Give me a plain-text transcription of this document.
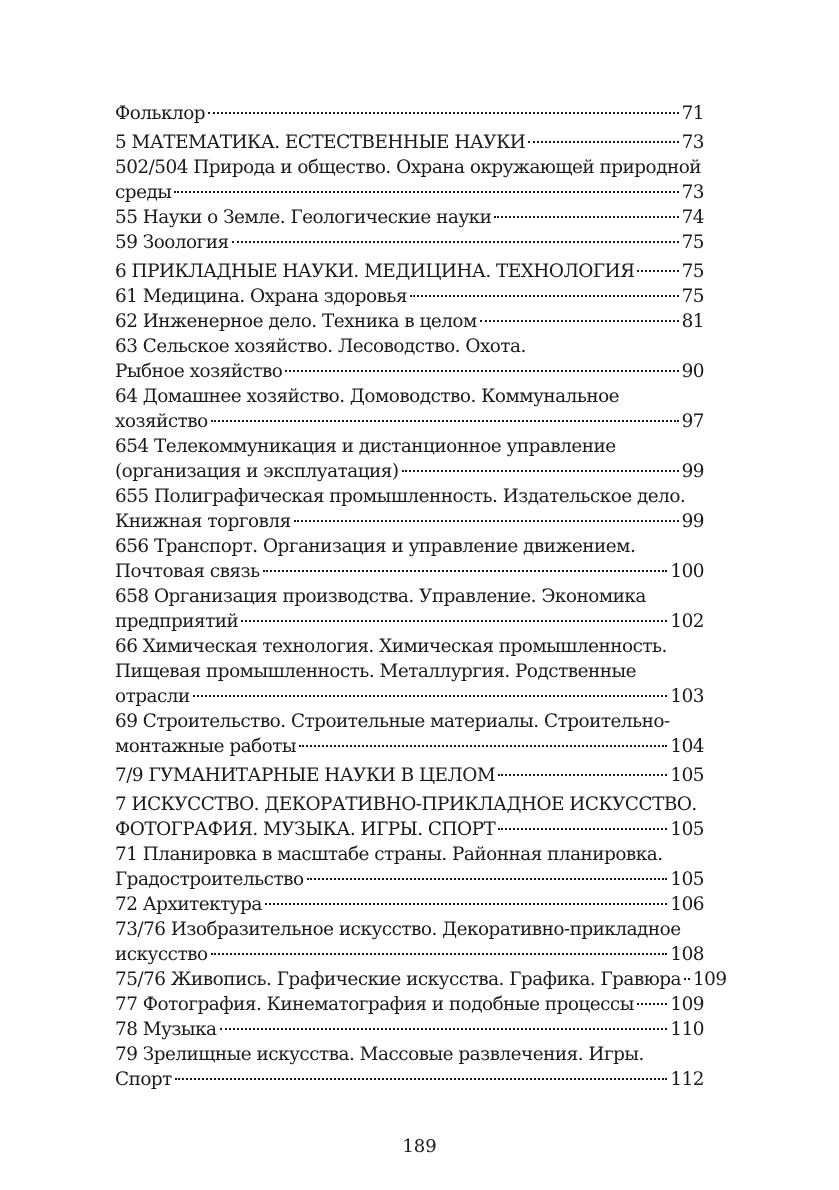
Фольклор	71
5 МАТЕМАТИКА. ЕСТЕСТВЕННЫЕ НАУКИ	73
502/504 Природа и общество. Охрана окружающей природной
среды	73
55 Науки о Земле. Геологические науки	74
59 Зоология	75
6 ПРИКЛАДНЫЕ НАУКИ. МЕДИЦИНА. ТЕХНОЛОГИЯ	75
61 Медицина. Охрана здоровья	75
62 Инженерное дело. Техника в целом	81
63 Сельское хозяйство. Лесоводство. Охота.
Рыбное хозяйство	90
64 Домашнее хозяйство. Домоводство. Коммунальное
хозяйство	97
654 Телекоммуникация и дистанционное управление
(организация и эксплуатация)	99
655 Полиграфическая промышленность. Издательское дело.
Книжная торговля	99
656 Транспорт. Организация и управление движением.
Почтовая связь	100
658 Организация производства. Управление. Экономика
предприятий	102
66 Химическая технология. Химическая промышленность.
Пищевая промышленность. Металлургия. Родственные
отрасли	103
69 Строительство. Строительные материалы. Строительно-
монтажные работы	104
7/9 ГУМАНИТАРНЫЕ НАУКИ В ЦЕЛОМ	105
7 ИСКУССТВО. ДЕКОРАТИВНО-ПРИКЛАДНОЕ ИСКУССТВО.
ФОТОГРАФИЯ. МУЗЫКА. ИГРЫ. СПОРТ	105
71 Планировка в масштабе страны. Районная планировка.
Градостроительство	105
72 Архитектура	106
73/76 Изобразительное искусство. Декоративно-прикладное
искусство	108
75/76 Живопись. Графические искусства. Графика. Гравюра 109
77 Фотография. Кинематография и подобные процессы 109
78 Музыка	110
79 Зрелищные искусства. Массовые развлечения. Игры.
Спорт	112
189
